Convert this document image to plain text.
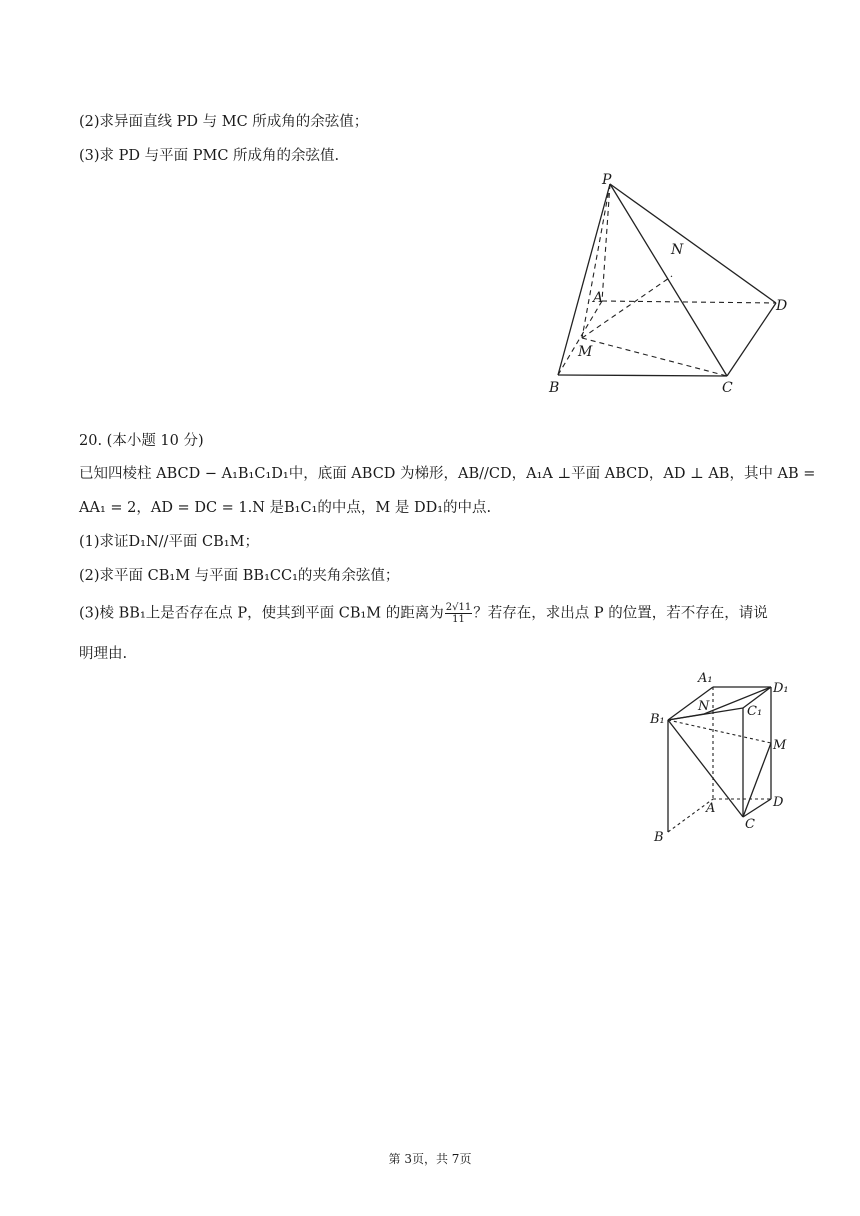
(2)求异面直线 PD 与 MC 所成角的余弦值；
(3)求 PD 与平面 PMC 所成角的余弦值.
P
N
A	D
M
B	C
20. (本小题 10 分)
已知四棱柱 ABCD − A₁B₁C₁D₁中，底面 ABCD 为梯形，AB//CD，A₁A ⊥平面 ABCD，AD ⊥ AB，其中 AB =
AA₁ = 2，AD = DC = 1.N 是B₁C₁的中点，M 是 DD₁的中点.
(1)求证D₁N//平面 CB₁M；
(2)求平面 CB₁M 与平面 BB₁CC₁的夹角余弦值；
(3)棱 BB₁上是否存在点 P，使其到平面 CB₁M 的距离为 $\frac{2√11}{11}$ ？若存在，求出点 P 的位置，若不存在，请说
明理由.
A₁
D₁
B₁
N	C₁
M
A	D
B
C
第 3页，共 7页
